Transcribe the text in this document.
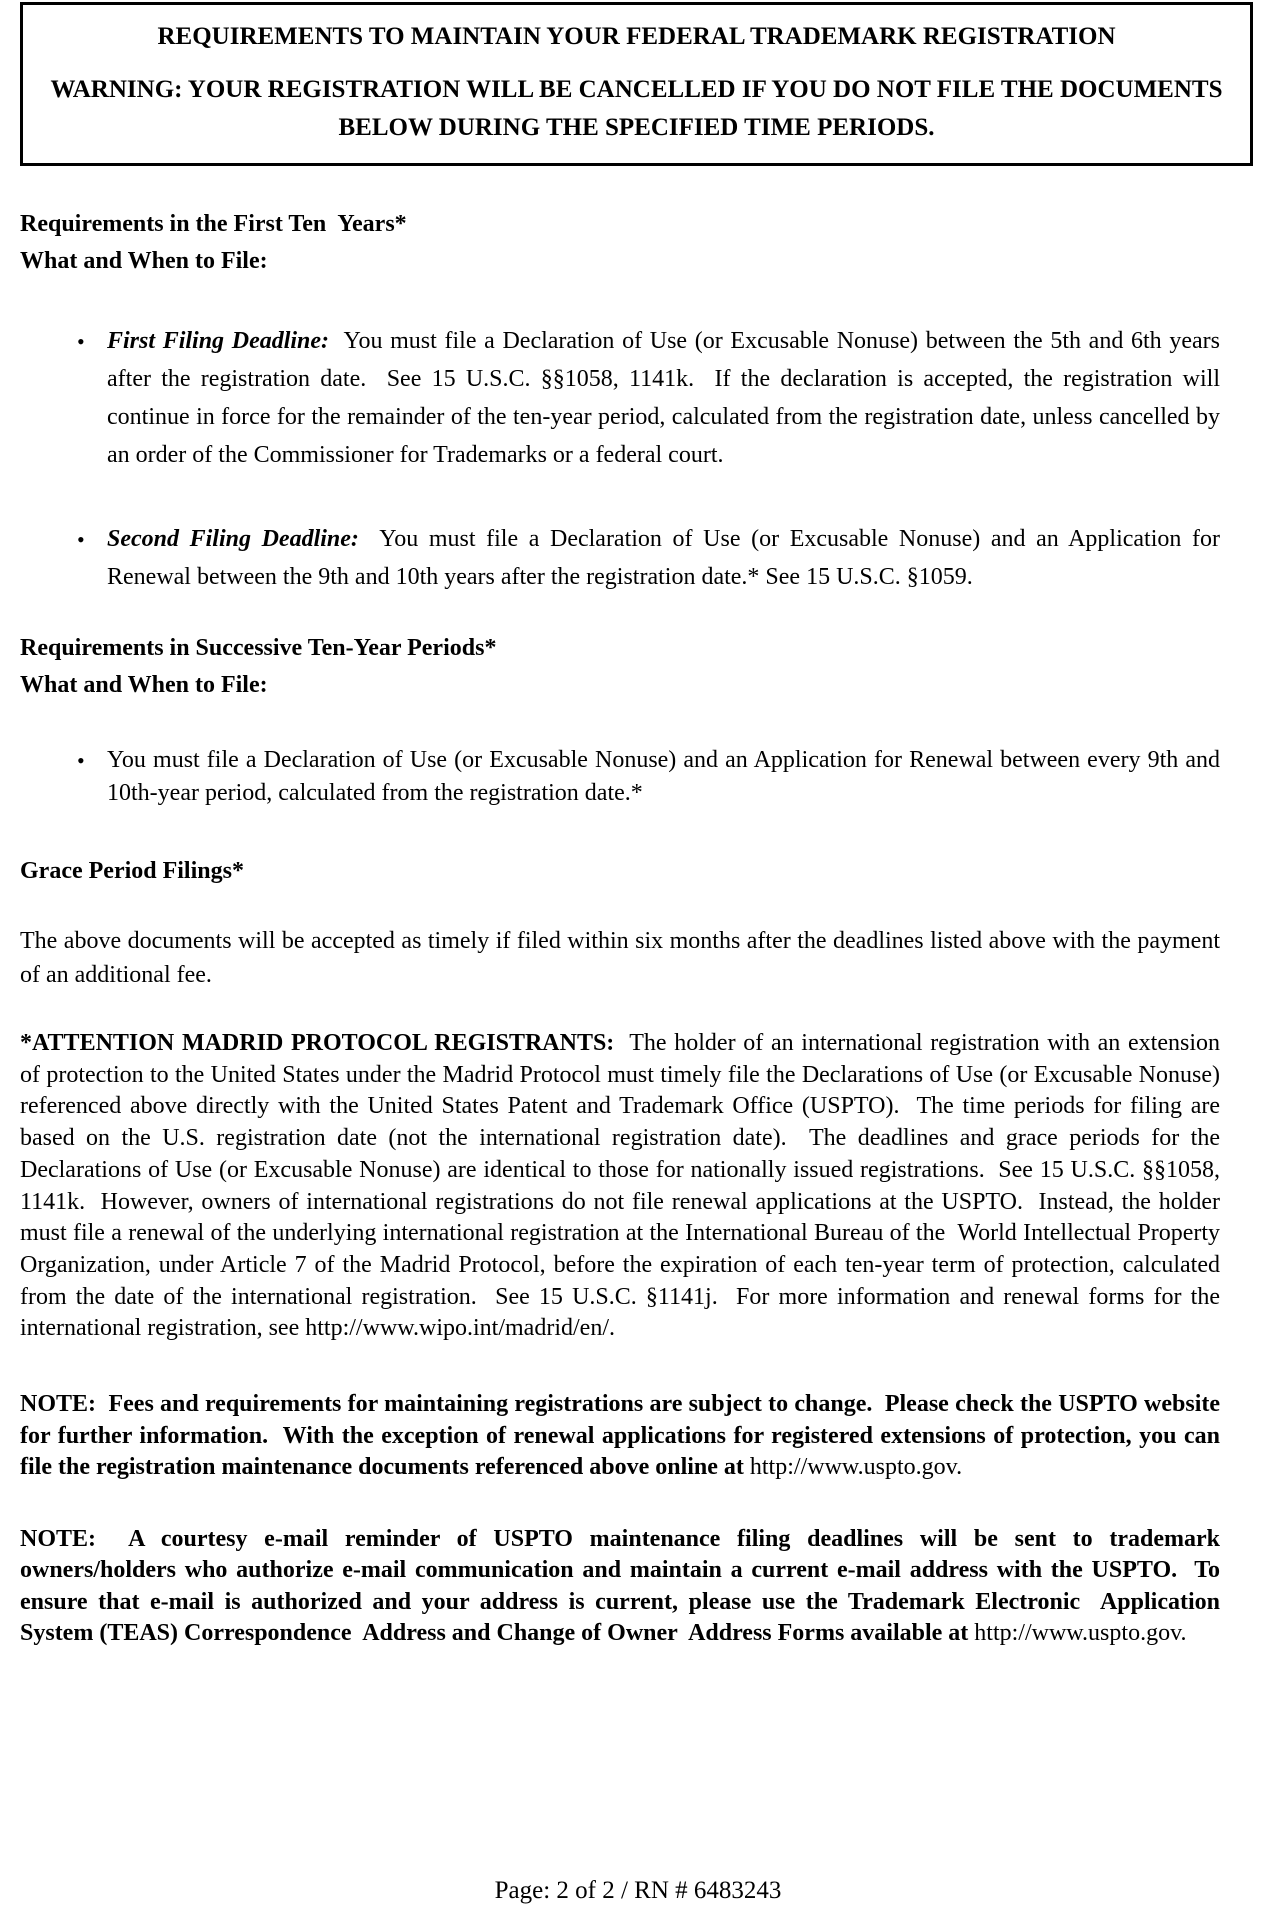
REQUIREMENTS TO MAINTAIN YOUR FEDERAL TRADEMARK REGISTRATION
WARNING: YOUR REGISTRATION WILL BE CANCELLED IF YOU DO NOT FILE THE DOCUMENTS BELOW DURING THE SPECIFIED TIME PERIODS.
Requirements in the First Ten  Years*
What and When to File:
• First Filing Deadline:  You must file a Declaration of Use (or Excusable Nonuse) between the 5th and 6th years after the registration date.  See 15 U.S.C. §§1058, 1141k.  If the declaration is accepted, the registration will continue in force for the remainder of the ten-year period, calculated from the registration date, unless cancelled by an order of the Commissioner for Trademarks or a federal court.
• Second Filing Deadline:  You must file a Declaration of Use (or Excusable Nonuse) and an Application for Renewal between the 9th and 10th years after the registration date.* See 15 U.S.C. §1059.
Requirements in Successive Ten-Year Periods*
What and When to File:
• You must file a Declaration of Use (or Excusable Nonuse) and an Application for Renewal between every 9th and 10th-year period, calculated from the registration date.*
Grace Period Filings*

The above documents will be accepted as timely if filed within six months after the deadlines listed above with the payment of an additional fee.

*ATTENTION MADRID PROTOCOL REGISTRANTS:  The holder of an international registration with an extension of protection to the United States under the Madrid Protocol must timely file the Declarations of Use (or Excusable Nonuse) referenced above directly with the United States Patent and Trademark Office (USPTO).  The time periods for filing are based on the U.S. registration date (not the international registration date).  The deadlines and grace periods for the Declarations of Use (or Excusable Nonuse) are identical to those for nationally issued registrations.  See 15 U.S.C. §§1058, 1141k.  However, owners of international registrations do not file renewal applications at the USPTO.  Instead, the holder must file a renewal of the underlying international registration at the International Bureau of the  World Intellectual Property Organization, under Article 7 of the Madrid Protocol, before the expiration of each ten-year term of protection, calculated from the date of the international registration.  See 15 U.S.C. §1141j.  For more information and renewal forms for the international registration, see http://www.wipo.int/madrid/en/.

NOTE:  Fees and requirements for maintaining registrations are subject to change.  Please check the USPTO website for further information.  With the exception of renewal applications for registered extensions of protection, you can file the registration maintenance documents referenced above online at http://www.uspto.gov.

NOTE:  A courtesy e-mail reminder of USPTO maintenance filing deadlines will be sent to trademark owners/holders who authorize e-mail communication and maintain a current e-mail address with the USPTO.  To ensure that e-mail is authorized and your address is current, please use the Trademark Electronic  Application System (TEAS) Correspondence  Address and Change of Owner  Address Forms available at http://www.uspto.gov.

Page: 2 of 2 / RN # 6483243
